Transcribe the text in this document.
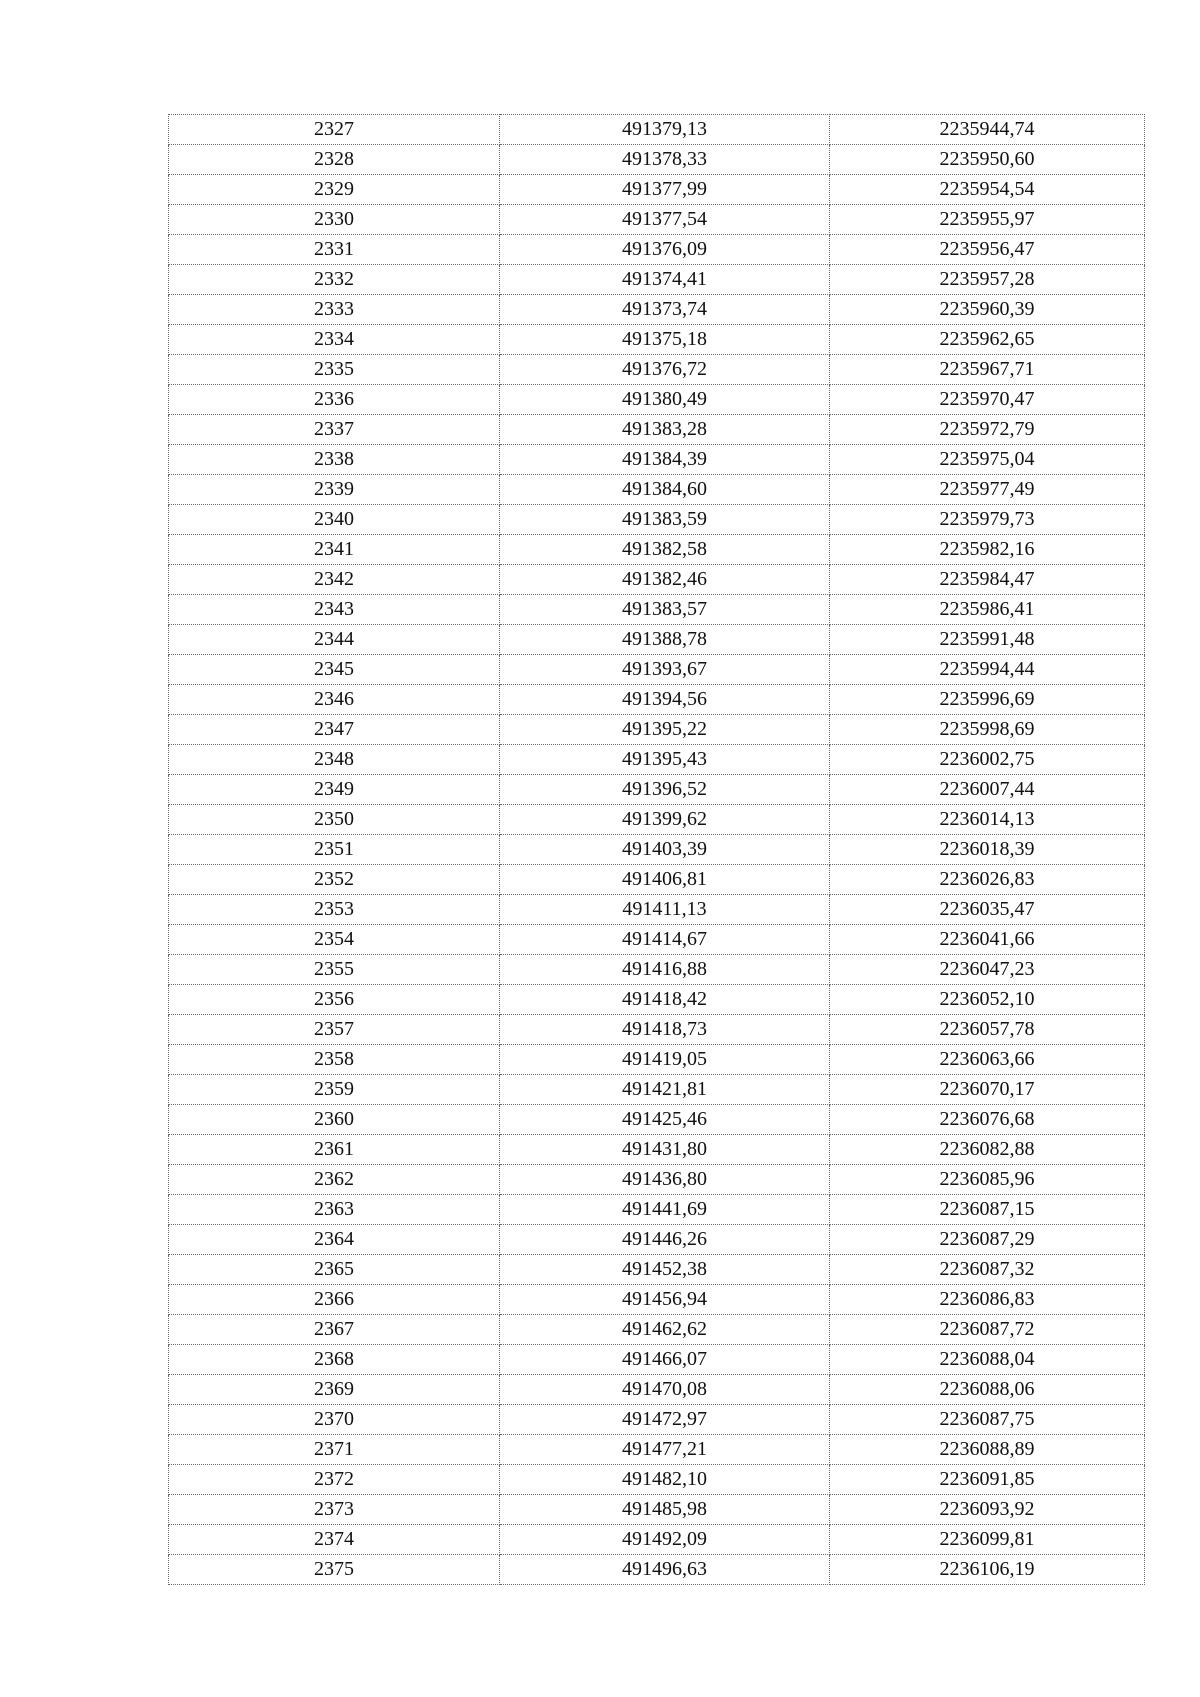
2327	491379,13	2235944,74
2328	491378,33	2235950,60
2329	491377,99	2235954,54
2330	491377,54	2235955,97
2331	491376,09	2235956,47
2332	491374,41	2235957,28
2333	491373,74	2235960,39
2334	491375,18	2235962,65
2335	491376,72	2235967,71
2336	491380,49	2235970,47
2337	491383,28	2235972,79
2338	491384,39	2235975,04
2339	491384,60	2235977,49
2340	491383,59	2235979,73
2341	491382,58	2235982,16
2342	491382,46	2235984,47
2343	491383,57	2235986,41
2344	491388,78	2235991,48
2345	491393,67	2235994,44
2346	491394,56	2235996,69
2347	491395,22	2235998,69
2348	491395,43	2236002,75
2349	491396,52	2236007,44
2350	491399,62	2236014,13
2351	491403,39	2236018,39
2352	491406,81	2236026,83
2353	491411,13	2236035,47
2354	491414,67	2236041,66
2355	491416,88	2236047,23
2356	491418,42	2236052,10
2357	491418,73	2236057,78
2358	491419,05	2236063,66
2359	491421,81	2236070,17
2360	491425,46	2236076,68
2361	491431,80	2236082,88
2362	491436,80	2236085,96
2363	491441,69	2236087,15
2364	491446,26	2236087,29
2365	491452,38	2236087,32
2366	491456,94	2236086,83
2367	491462,62	2236087,72
2368	491466,07	2236088,04
2369	491470,08	2236088,06
2370	491472,97	2236087,75
2371	491477,21	2236088,89
2372	491482,10	2236091,85
2373	491485,98	2236093,92
2374	491492,09	2236099,81
2375	491496,63	2236106,19
